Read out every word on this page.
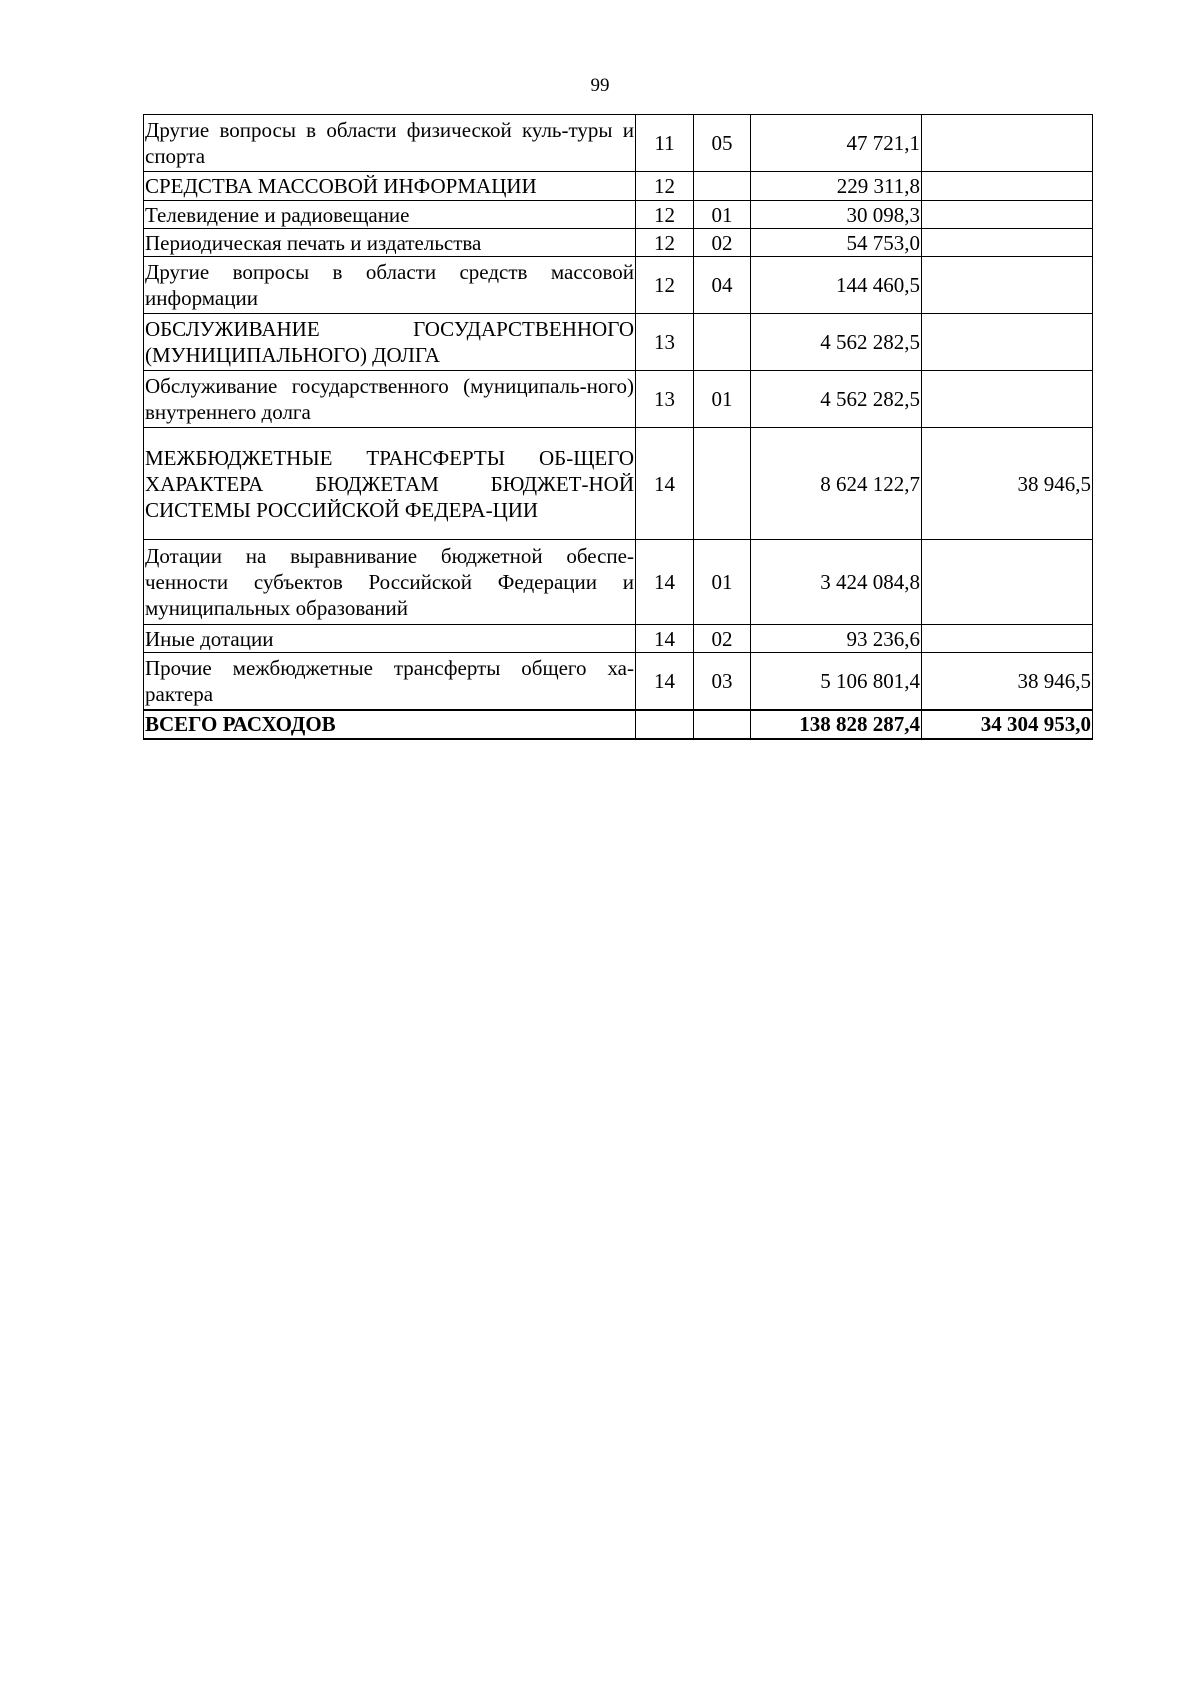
99
Другие вопросы в области физической куль-туры и спорта	11	05	47 721,1	
СРЕДСТВА МАССОВОЙ ИНФОРМАЦИИ	12		229 311,8	
Телевидение и радиовещание	12	01	30 098,3	
Периодическая печать и издательства	12	02	54 753,0	
Другие вопросы в области средств массовой информации	12	04	144 460,5	
ОБСЛУЖИВАНИЕ ГОСУДАРСТВЕННОГО (МУНИЦИПАЛЬНОГО) ДОЛГА	13		4 562 282,5	
Обслуживание государственного (муниципаль-ного) внутреннего долга	13	01	4 562 282,5	
МЕЖБЮДЖЕТНЫЕ ТРАНСФЕРТЫ ОБ-ЩЕГО ХАРАКТЕРА БЮДЖЕТАМ БЮДЖЕТ-НОЙ СИСТЕМЫ РОССИЙСКОЙ ФЕДЕРА-ЦИИ	14		8 624 122,7	38 946,5
Дотации на выравнивание бюджетной обеспе-ченности субъектов Российской Федерации и муниципальных образований	14	01	3 424 084,8	
Иные дотации	14	02	93 236,6	
Прочие межбюджетные трансферты общего ха-рактера	14	03	5 106 801,4	38 946,5
ВСЕГО РАСХОДОВ			138 828 287,4	34 304 953,0
